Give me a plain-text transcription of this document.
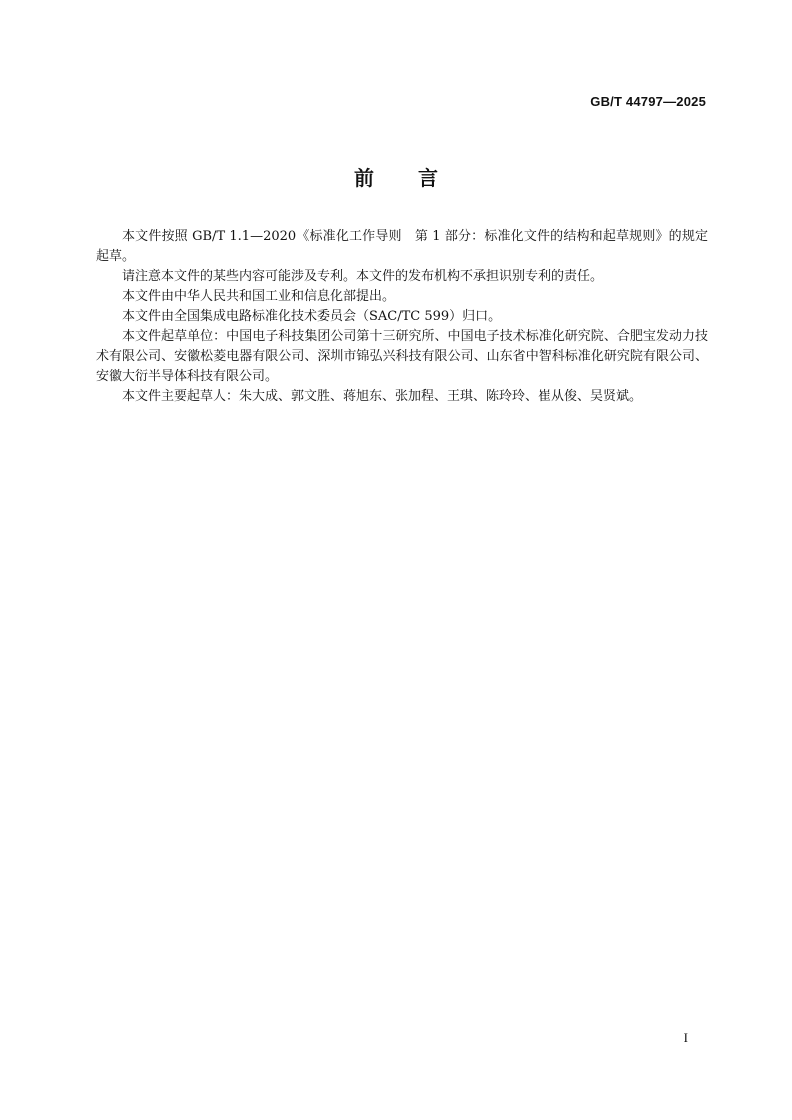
GB/T 44797—2025
前 言

本文件按照 GB/T 1.1—2020《标准化工作导则　第 1 部分：标准化文件的结构和起草规则》的规定起草。

请注意本文件的某些内容可能涉及专利。本文件的发布机构不承担识别专利的责任。

本文件由中华人民共和国工业和信息化部提出。

本文件由全国集成电路标准化技术委员会（SAC/TC 599）归口。

本文件起草单位：中国电子科技集团公司第十三研究所、中国电子技术标准化研究院、合肥宝发动力技术有限公司、安徽松菱电器有限公司、深圳市锦弘兴科技有限公司、山东省中智科标准化研究院有限公司、安徽大衍半导体科技有限公司。

本文件主要起草人：朱大成、郭文胜、蒋旭东、张加程、王琪、陈玲玲、崔从俊、吴贤斌。

I
